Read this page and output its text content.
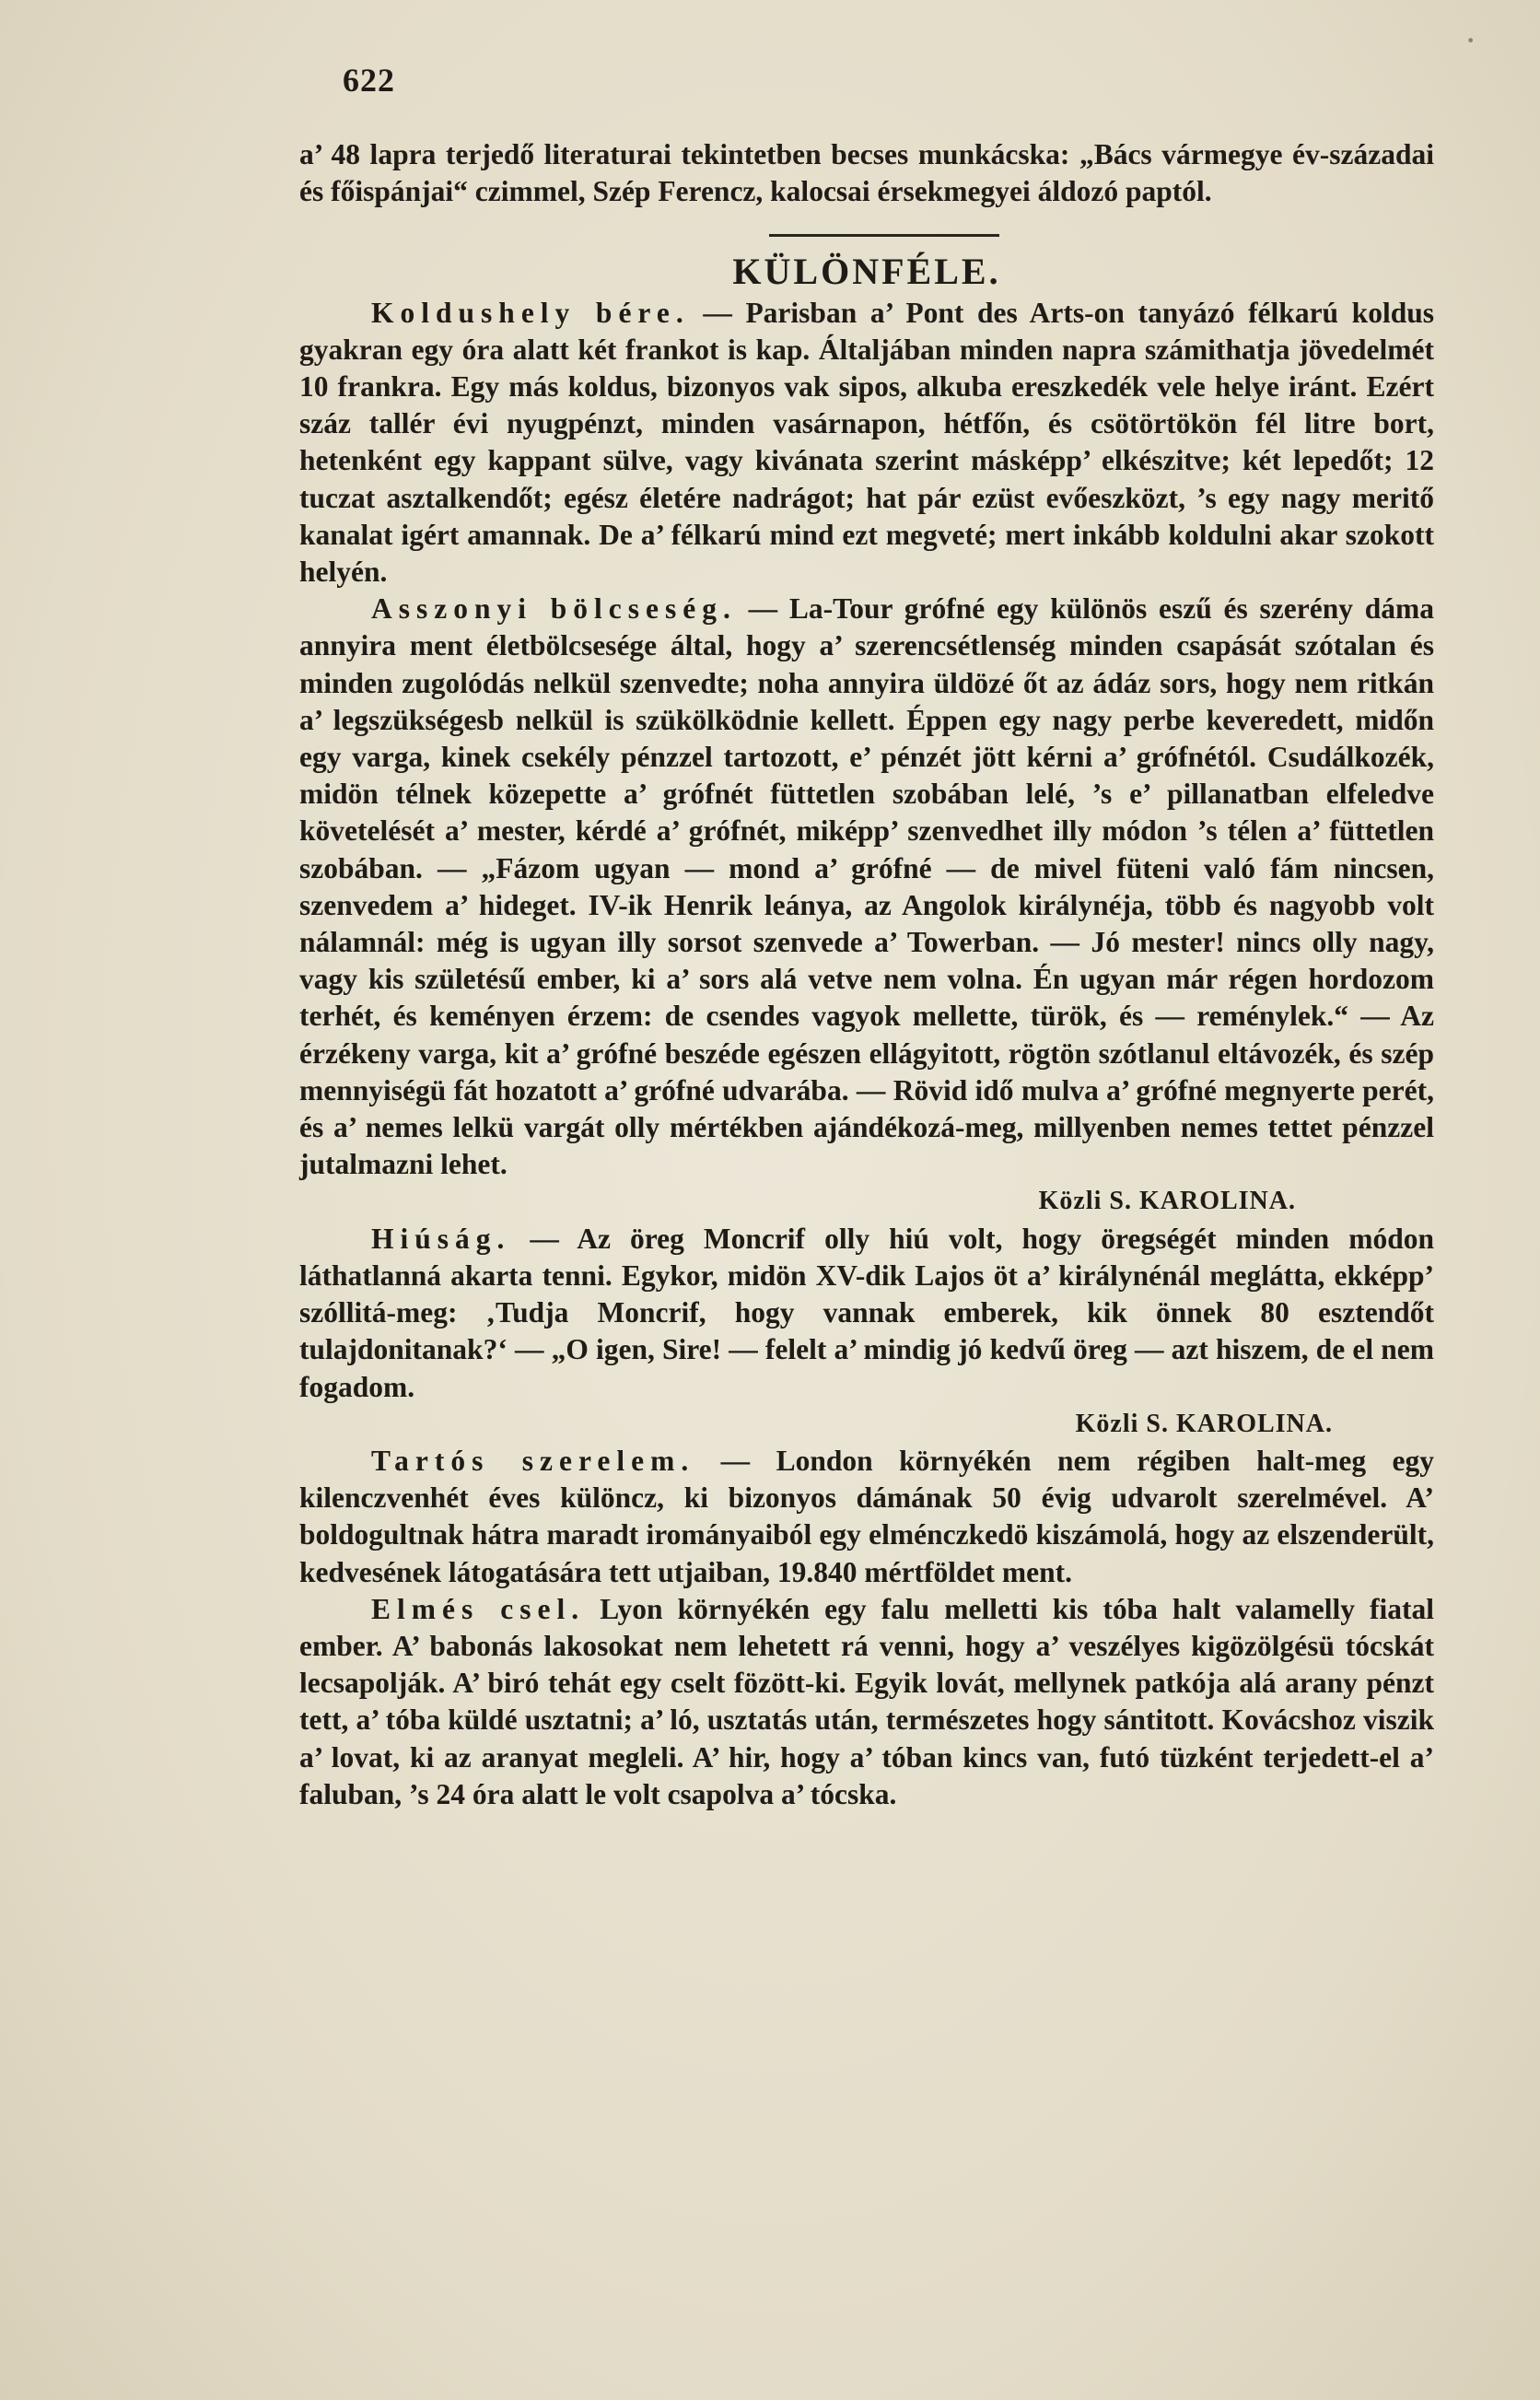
·
622

a’ 48 lapra terjedő literaturai tekintetben becses munkácska: „Bács vármegye év-századai és főispánjai“ czimmel, Szép Ferencz, kalocsai érsekmegyei áldozó paptól.

KÜLÖNFÉLE.

Koldushely bére. — Parisban a’ Pont des Arts-on tanyázó félkarú koldus gyakran egy óra alatt két frankot is kap. Általjában minden napra számithatja jövedelmét 10 frankra. Egy más koldus, bizonyos vak sipos, alkuba ereszkedék vele helye iránt. Ezért száz tallér évi nyugpénzt, minden vasárnapon, hétfőn, és csötörtökön fél litre bort, hetenként egy kappant sülve, vagy kivánata szerint másképp’ elkészitve; két lepedőt; 12 tuczat asztalkendőt; egész életére nadrágot; hat pár ezüst evőeszközt, ’s egy nagy meritő kanalat igért amannak. De a’ félkarú mind ezt megveté; mert inkább koldulni akar szokott helyén.

Asszonyi bölcseség. — La-Tour grófné egy különös eszű és szerény dáma annyira ment életbölcsesége által, hogy a’ szerencsétlenség minden csapását szótalan és minden zugolódás nelkül szenvedte; noha annyira üldözé őt az ádáz sors, hogy nem ritkán a’ legszükségesb nelkül is szükölködnie kellett. Éppen egy nagy perbe keveredett, midőn egy varga, kinek csekély pénzzel tartozott, e’ pénzét jött kérni a’ grófnétól. Csudálkozék, midön télnek közepette a’ grófnét füttetlen szobában lelé, ’s e’ pillanatban elfeledve követelését a’ mester, kérdé a’ grófnét, miképp’ szenvedhet illy módon ’s télen a’ füttetlen szobában. — „Fázom ugyan — mond a’ grófné — de mivel füteni való fám nincsen, szenvedem a’ hideget. IV-ik Henrik leánya, az Angolok királynéja, több és nagyobb volt nálamnál: még is ugyan illy sorsot szenvede a’ Towerban. — Jó mester! nincs olly nagy, vagy kis születésű ember, ki a’ sors alá vetve nem volna. Én ugyan már régen hordozom terhét, és keményen érzem: de csendes vagyok mellette, türök, és — reménylek.“ — Az érzékeny varga, kit a’ grófné beszéde egészen ellágyitott, rögtön szótlanul eltávozék, és szép mennyiségü fát hozatott a’ grófné udvarába. — Rövid idő mulva a’ grófné megnyerte perét, és a’ nemes lelkü vargát olly mértékben ajándékozá-meg, millyenben nemes tettet pénzzel jutalmazni lehet.

Közli S. KAROLINA.

Hiúság. — Az öreg Moncrif olly hiú volt, hogy öregségét minden módon láthatlanná akarta tenni. Egykor, midön XV-dik Lajos öt a’ királynénál meglátta, ekképp’ szóllitá-meg: ‚Tudja Moncrif, hogy vannak emberek, kik önnek 80 esztendőt tulajdonitanak?‘ — „O igen, Sire! — felelt a’ mindig jó kedvű öreg — azt hiszem, de el nem fogadom.

Közli S. KAROLINA.

Tartós szerelem. — London környékén nem régiben halt-meg egy kilenczvenhét éves különcz, ki bizonyos dámának 50 évig udvarolt szerelmével. A’ boldogultnak hátra maradt irományaiból egy elménczkedö kiszámolá, hogy az elszenderült, kedvesének látogatására tett utjaiban, 19.840 mértföldet ment.

Elmés csel. Lyon környékén egy falu melletti kis tóba halt valamelly fiatal ember. A’ babonás lakosokat nem lehetett rá venni, hogy a’ veszélyes kigözölgésü tócskát lecsapolják. A’ biró tehát egy cselt fözött-ki. Egyik lovát, mellynek patkója alá arany pénzt tett, a’ tóba küldé usztatni; a’ ló, usztatás után, természetes hogy sántitott. Kovácshoz viszik a’ lovat, ki az aranyat megleli. A’ hir, hogy a’ tóban kincs van, futó tüzként terjedett-el a’ faluban, ’s 24 óra alatt le volt csapolva a’ tócska.
